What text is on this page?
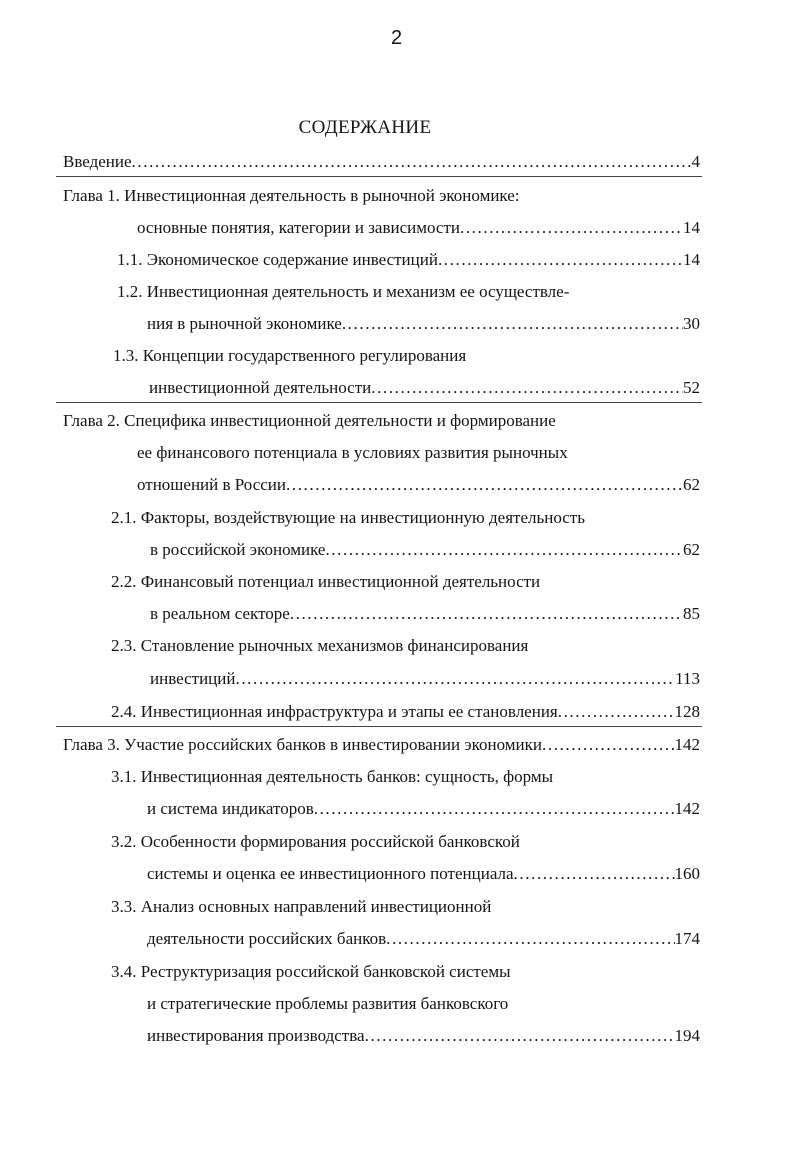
2
СОДЕРЖАНИЕ
Введение .....	4
Глава 1. Инвестиционная деятельность в рыночной экономике:
основные понятия, категории и зависимости .....	14
1.1. Экономическое содержание инвестиций .....	14
1.2. Инвестиционная деятельность и механизм ее осуществле-
ния в рыночной экономике .....	30
1.3. Концепции государственного регулирования
инвестиционной деятельности .....	52
Глава 2. Специфика инвестиционной деятельности и формирование
ее финансового потенциала в условиях развития рыночных
отношений в России .....	62
2.1. Факторы, воздействующие на инвестиционную деятельность
в российской экономике .....	62
2.2. Финансовый потенциал инвестиционной деятельности
в реальном секторе .....	85
2.3. Становление рыночных механизмов финансирования
инвестиций .....	113
2.4. Инвестиционная инфраструктура и этапы ее становления .....	128
Глава 3. Участие российских банков в инвестировании экономики .....	142
3.1. Инвестиционная деятельность банков: сущность, формы
и система индикаторов .....	142
3.2. Особенности формирования российской банковской
системы и оценка ее инвестиционного потенциала .....	160
3.3. Анализ основных направлений инвестиционной
деятельности российских банков .....	174
3.4. Реструктуризация российской банковской системы
и стратегические проблемы развития банковского
инвестирования производства .....	194
